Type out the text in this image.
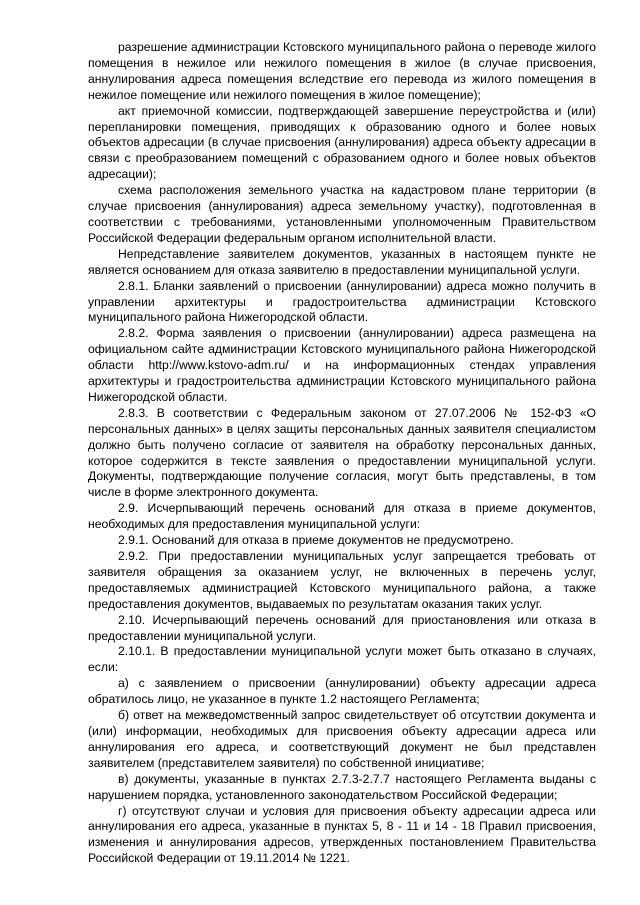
разрешение администрации Кстовского муниципального района о переводе жилого помещения в нежилое или нежилого помещения в жилое (в случае присвоения, аннулирования адреса помещения вследствие его перевода из жилого помещения в нежилое помещение или нежилого помещения в жилое помещение);

акт приемочной комиссии, подтверждающей завершение переустройства и (или) перепланировки помещения, приводящих к образованию одного и более новых объектов адресации (в случае присвоения (аннулирования) адреса объекту адресации в связи с преобразованием помещений с образованием одного и более новых объектов адресации);

схема расположения земельного участка на кадастровом плане территории (в случае присвоения (аннулирования) адреса земельному участку), подготовленная в соответствии с требованиями, установленными уполномоченным Правительством Российской Федерации федеральным органом исполнительной власти.

Непредставление заявителем документов, указанных в настоящем пункте не является основанием для отказа заявителю в предоставлении муниципальной услуги.

2.8.1. Бланки заявлений о присвоении (аннулировании) адреса можно получить в управлении архитектуры и градостроительства администрации Кстовского муниципального района Нижегородской области.

2.8.2. Форма заявления о присвоении (аннулировании) адреса размещена на официальном сайте администрации Кстовского муниципального района Нижегородской области http://www.kstovo-adm.ru/ и на информационных стендах управления архитектуры и градостроительства администрации Кстовского муниципального района Нижегородской области.

2.8.3. В соответствии с Федеральным законом от 27.07.2006 № 152-ФЗ «О персональных данных» в целях защиты персональных данных заявителя специалистом должно быть получено согласие от заявителя на обработку персональных данных, которое содержится в тексте заявления о предоставлении муниципальной услуги. Документы, подтверждающие получение согласия, могут быть представлены, в том числе в форме электронного документа.

2.9. Исчерпывающий перечень оснований для отказа в приеме документов, необходимых для предоставления муниципальной услуги:

2.9.1. Оснований для отказа в приеме документов не предусмотрено.

2.9.2. При предоставлении муниципальных услуг запрещается требовать от заявителя обращения за оказанием услуг, не включенных в перечень услуг, предоставляемых администрацией Кстовского муниципального района, а также предоставления документов, выдаваемых по результатам оказания таких услуг.

2.10. Исчерпывающий перечень оснований для приостановления или отказа в предоставлении муниципальной услуги.

2.10.1. В предоставлении муниципальной услуги может быть отказано в случаях, если:

а) с заявлением о присвоении (аннулировании) объекту адресации адреса обратилось лицо, не указанное в пункте 1.2 настоящего Регламента;

б) ответ на межведомственный запрос свидетельствует об отсутствии документа и (или) информации, необходимых для присвоения объекту адресации адреса или аннулирования его адреса, и соответствующий документ не был представлен заявителем (представителем заявителя) по собственной инициативе;

в) документы, указанные в пунктах 2.7.3-2.7.7 настоящего Регламента выданы с нарушением порядка, установленного законодательством Российской Федерации;

г) отсутствуют случаи и условия для присвоения объекту адресации адреса или аннулирования его адреса, указанные в пунктах 5, 8 - 11 и 14 - 18 Правил присвоения, изменения и аннулирования адресов, утвержденных постановлением Правительства Российской Федерации от 19.11.2014 № 1221.
